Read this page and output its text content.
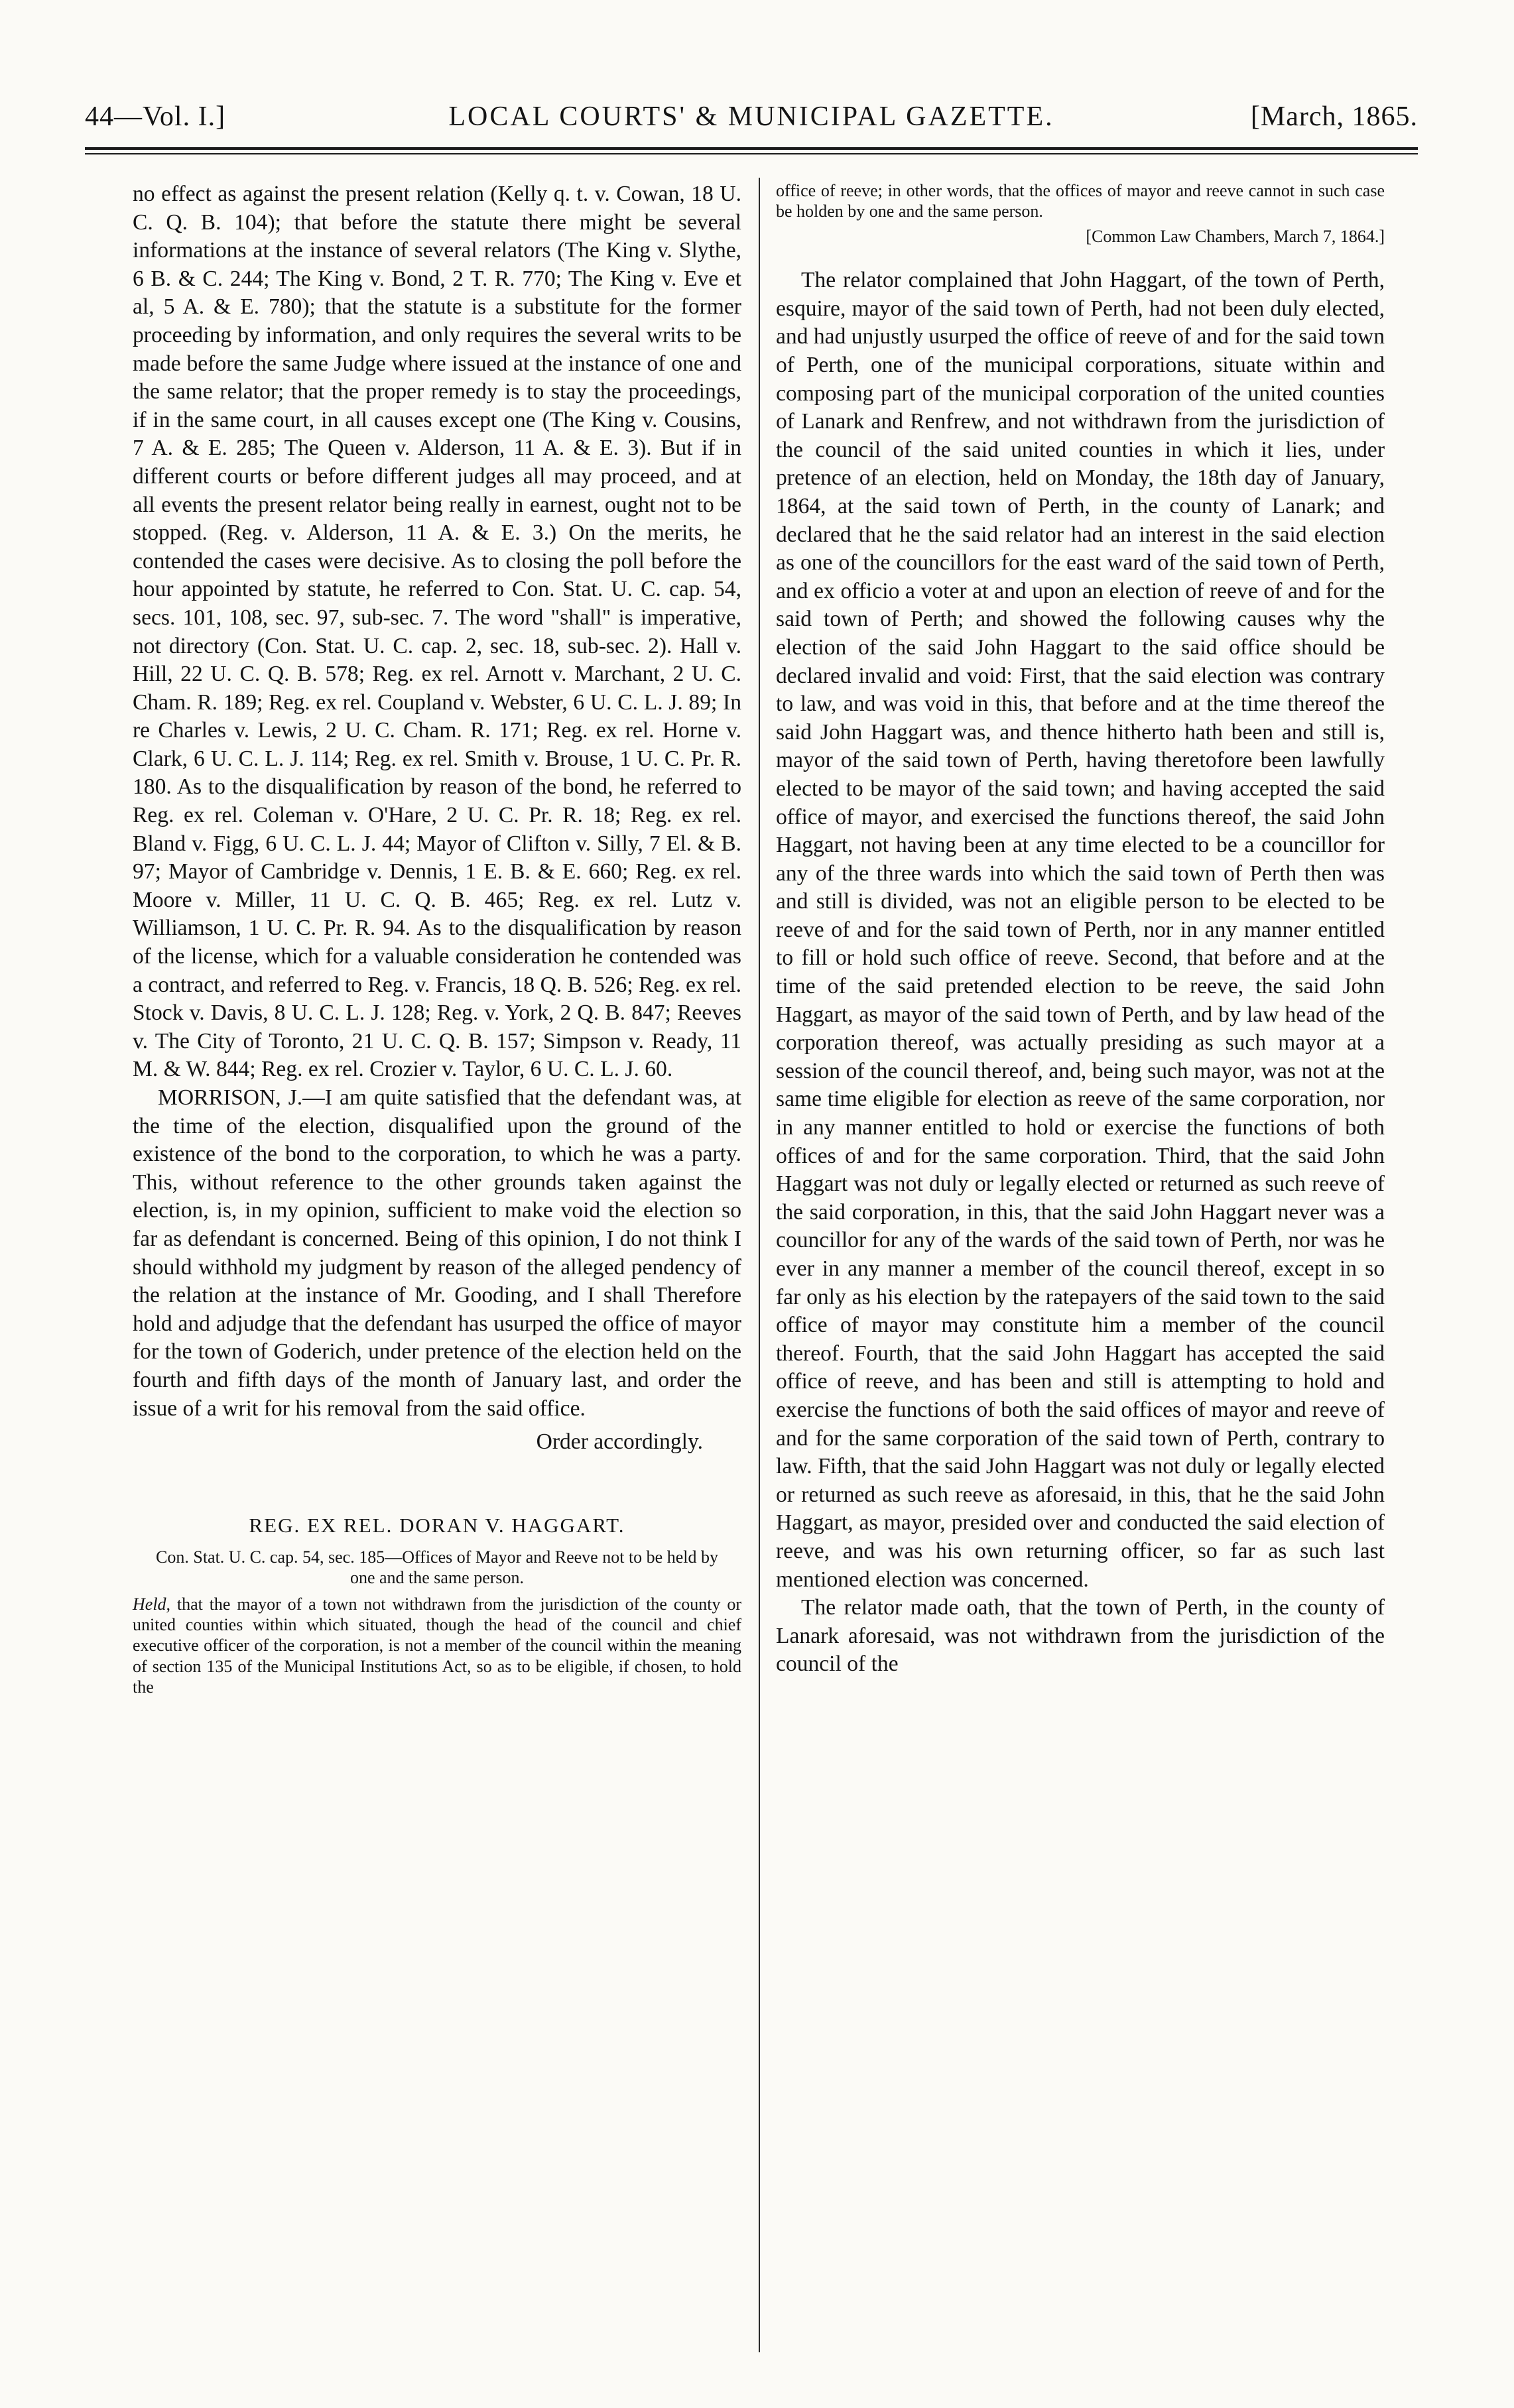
44—Vol. I.]	LOCAL COURTS' & MUNICIPAL GAZETTE.	[March, 1865.

no effect as against the present relation (Kelly q. t. v. Cowan, 18 U. C. Q. B. 104); that before the statute there might be several informations at the instance of several relators (The King v. Slythe, 6 B. & C. 244; The King v. Bond, 2 T. R. 770; The King v. Eve et al, 5 A. & E. 780); that the statute is a substitute for the former proceeding by information, and only requires the several writs to be made before the same Judge where issued at the instance of one and the same relator; that the proper remedy is to stay the proceedings, if in the same court, in all causes except one (The King v. Cousins, 7 A. & E. 285; The Queen v. Alderson, 11 A. & E. 3). But if in different courts or before different judges all may proceed, and at all events the present relator being really in earnest, ought not to be stopped. (Reg. v. Alderson, 11 A. & E. 3.) On the merits, he contended the cases were decisive. As to closing the poll before the hour appointed by statute, he referred to Con. Stat. U. C. cap. 54, secs. 101, 108, sec. 97, sub-sec. 7. The word "shall" is imperative, not directory (Con. Stat. U. C. cap. 2, sec. 18, sub-sec. 2). Hall v. Hill, 22 U. C. Q. B. 578; Reg. ex rel. Arnott v. Marchant, 2 U. C. Cham. R. 189; Reg. ex rel. Coupland v. Webster, 6 U. C. L. J. 89; In re Charles v. Lewis, 2 U. C. Cham. R. 171; Reg. ex rel. Horne v. Clark, 6 U. C. L. J. 114; Reg. ex rel. Smith v. Brouse, 1 U. C. Pr. R. 180. As to the disqualification by reason of the bond, he referred to Reg. ex rel. Coleman v. O'Hare, 2 U. C. Pr. R. 18; Reg. ex rel. Bland v. Figg, 6 U. C. L. J. 44; Mayor of Clifton v. Silly, 7 El. & B. 97; Mayor of Cambridge v. Dennis, 1 E. B. & E. 660; Reg. ex rel. Moore v. Miller, 11 U. C. Q. B. 465; Reg. ex rel. Lutz v. Williamson, 1 U. C. Pr. R. 94. As to the disqualification by reason of the license, which for a valuable consideration he contended was a contract, and referred to Reg. v. Francis, 18 Q. B. 526; Reg. ex rel. Stock v. Davis, 8 U. C. L. J. 128; Reg. v. York, 2 Q. B. 847; Reeves v. The City of Toronto, 21 U. C. Q. B. 157; Simpson v. Ready, 11 M. & W. 844; Reg. ex rel. Crozier v. Taylor, 6 U. C. L. J. 60.

MORRISON, J.—I am quite satisfied that the defendant was, at the time of the election, disqualified upon the ground of the existence of the bond to the corporation, to which he was a party. This, without reference to the other grounds taken against the election, is, in my opinion, sufficient to make void the election so far as defendant is concerned. Being of this opinion, I do not think I should withhold my judgment by reason of the alleged pendency of the relation at the instance of Mr. Gooding, and I shall Therefore hold and adjudge that the defendant has usurped the office of mayor for the town of Goderich, under pretence of the election held on the fourth and fifth days of the month of January last, and order the issue of a writ for his removal from the said office.

Order accordingly.

REG. EX REL. DORAN V. HAGGART.

Con. Stat. U. C. cap. 54, sec. 185—Offices of Mayor and Reeve not to be held by one and the same person.

Held, that the mayor of a town not withdrawn from the jurisdiction of the county or united counties within which situated, though the head of the council and chief executive officer of the corporation, is not a member of the council within the meaning of section 135 of the Municipal Institutions Act, so as to be eligible, if chosen, to hold the

office of reeve; in other words, that the offices of mayor and reeve cannot in such case be holden by one and the same person.

[Common Law Chambers, March 7, 1864.]

The relator complained that John Haggart, of the town of Perth, esquire, mayor of the said town of Perth, had not been duly elected, and had unjustly usurped the office of reeve of and for the said town of Perth, one of the municipal corporations, situate within and composing part of the municipal corporation of the united counties of Lanark and Renfrew, and not withdrawn from the jurisdiction of the council of the said united counties in which it lies, under pretence of an election, held on Monday, the 18th day of January, 1864, at the said town of Perth, in the county of Lanark; and declared that he the said relator had an interest in the said election as one of the councillors for the east ward of the said town of Perth, and ex officio a voter at and upon an election of reeve of and for the said town of Perth; and showed the following causes why the election of the said John Haggart to the said office should be declared invalid and void: First, that the said election was contrary to law, and was void in this, that before and at the time thereof the said John Haggart was, and thence hitherto hath been and still is, mayor of the said town of Perth, having theretofore been lawfully elected to be mayor of the said town; and having accepted the said office of mayor, and exercised the functions thereof, the said John Haggart, not having been at any time elected to be a councillor for any of the three wards into which the said town of Perth then was and still is divided, was not an eligible person to be elected to be reeve of and for the said town of Perth, nor in any manner entitled to fill or hold such office of reeve. Second, that before and at the time of the said pretended election to be reeve, the said John Haggart, as mayor of the said town of Perth, and by law head of the corporation thereof, was actually presiding as such mayor at a session of the council thereof, and, being such mayor, was not at the same time eligible for election as reeve of the same corporation, nor in any manner entitled to hold or exercise the functions of both offices of and for the same corporation. Third, that the said John Haggart was not duly or legally elected or returned as such reeve of the said corporation, in this, that the said John Haggart never was a councillor for any of the wards of the said town of Perth, nor was he ever in any manner a member of the council thereof, except in so far only as his election by the ratepayers of the said town to the said office of mayor may constitute him a member of the council thereof. Fourth, that the said John Haggart has accepted the said office of reeve, and has been and still is attempting to hold and exercise the functions of both the said offices of mayor and reeve of and for the same corporation of the said town of Perth, contrary to law. Fifth, that the said John Haggart was not duly or legally elected or returned as such reeve as aforesaid, in this, that he the said John Haggart, as mayor, presided over and conducted the said election of reeve, and was his own returning officer, so far as such last mentioned election was concerned.

The relator made oath, that the town of Perth, in the county of Lanark aforesaid, was not withdrawn from the jurisdiction of the council of the
